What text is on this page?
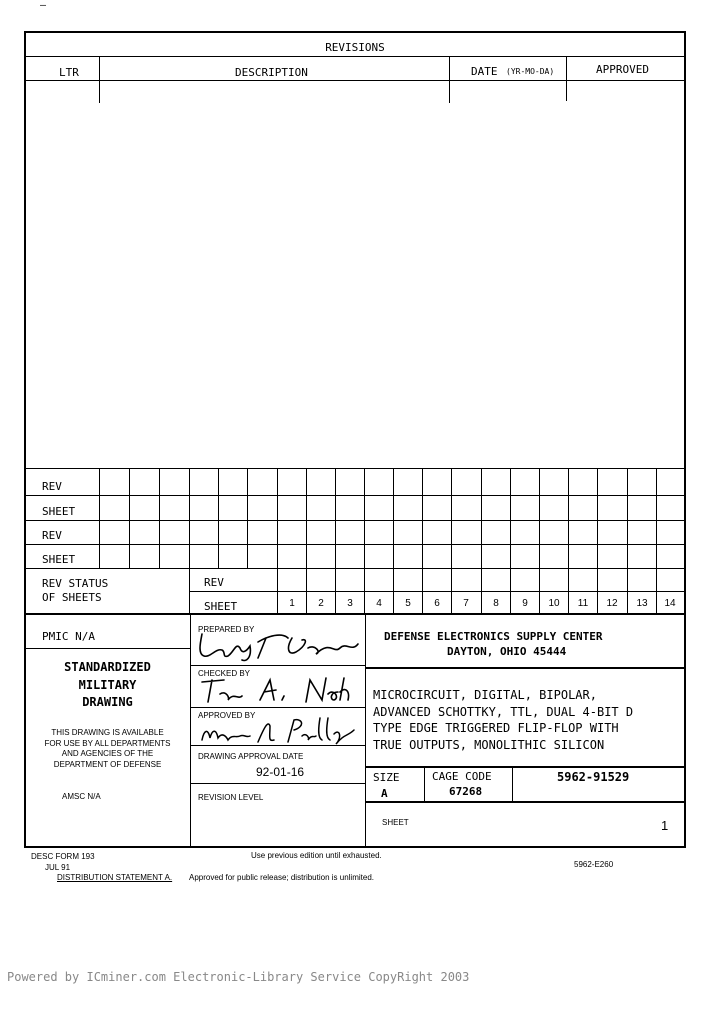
—
REVISIONS
LTR	DESCRIPTION	DATE (YR-MO-DA)	APPROVED
REV
SHEET
REV
SHEET
REV STATUS
OF SHEETS
REV
SHEET	1	2	3	4	5	6	7	8	9	10	11	12	13	14
PMIC N/A
STANDARDIZED
MILITARY
DRAWING
THIS DRAWING IS AVAILABLE
FOR USE BY ALL DEPARTMENTS
AND AGENCIES OF THE
DEPARTMENT OF DEFENSE
AMSC N/A
PREPARED BY
CHECKED BY
APPROVED BY
DRAWING APPROVAL DATE
92-01-16
REVISION LEVEL
DEFENSE ELECTRONICS SUPPLY CENTER
DAYTON, OHIO 45444
MICROCIRCUIT, DIGITAL, BIPOLAR,
ADVANCED SCHOTTKY, TTL, DUAL 4-BIT D
TYPE EDGE TRIGGERED FLIP-FLOP WITH
TRUE OUTPUTS, MONOLITHIC SILICON
SIZE
A
CAGE CODE
67268
5962-91529
SHEET	1
DESC FORM 193
JUL 91
Use previous edition until exhausted.
5962-E260
DISTRIBUTION STATEMENT A. Approved for public release; distribution is unlimited.
Powered by ICminer.com Electronic-Library Service CopyRight 2003
